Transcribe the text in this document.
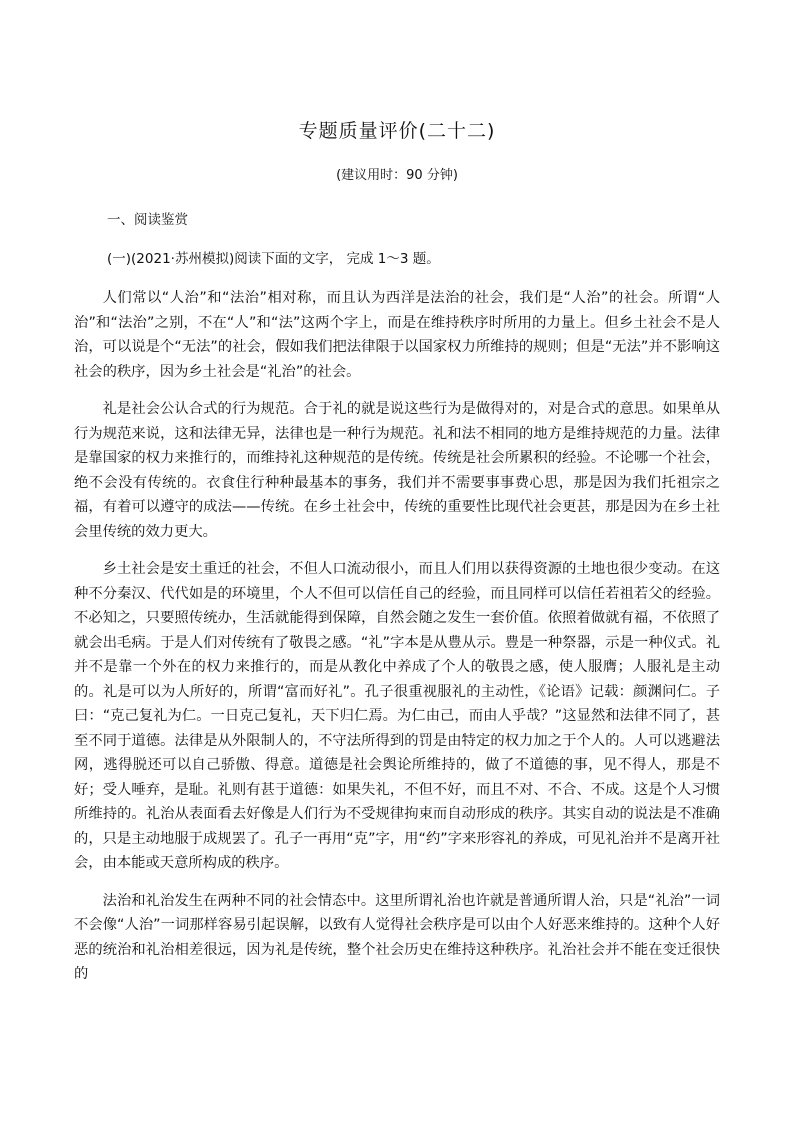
专题质量评价(二十二)
(建议用时：90 分钟)
一、阅读鉴赏
(一)(2021·苏州模拟)阅读下面的文字， 完成 1～3 题。

人们常以“人治”和“法治”相对称，而且认为西洋是法治的社会，我们是“人治”的社会。所谓“人治”和“法治”之别，不在“人”和“法”这两个字上，而是在维持秩序时所用的力量上。但乡土社会不是人治，可以说是个“无法”的社会，假如我们把法律限于以国家权力所维持的规则；但是“无法”并不影响这社会的秩序，因为乡土社会是“礼治”的社会。

礼是社会公认合式的行为规范。合于礼的就是说这些行为是做得对的，对是合式的意思。如果单从行为规范来说，这和法律无异，法律也是一种行为规范。礼和法不相同的地方是维持规范的力量。法律是靠国家的权力来推行的，而维持礼这种规范的是传统。传统是社会所累积的经验。不论哪一个社会，绝不会没有传统的。衣食住行种种最基本的事务，我们并不需要事事费心思，那是因为我们托祖宗之福，有着可以遵守的成法——传统。在乡土社会中，传统的重要性比现代社会更甚，那是因为在乡土社会里传统的效力更大。

乡土社会是安土重迁的社会，不但人口流动很小，而且人们用以获得资源的土地也很少变动。在这种不分秦汉、代代如是的环境里，个人不但可以信任自己的经验，而且同样可以信任若祖若父的经验。不必知之，只要照传统办，生活就能得到保障，自然会随之发生一套价值。依照着做就有福，不依照了就会出毛病。于是人们对传统有了敬畏之感。“礼”字本是从豊从示。豊是一种祭器，示是一种仪式。礼并不是靠一个外在的权力来推行的，而是从教化中养成了个人的敬畏之感，使人服膺；人服礼是主动的。礼是可以为人所好的，所谓“富而好礼”。孔子很重视服礼的主动性，《论语》记载：颜渊问仁。子曰：“克己复礼为仁。一日克己复礼，天下归仁焉。为仁由己，而由人乎哉？”这显然和法律不同了，甚至不同于道德。法律是从外限制人的，不守法所得到的罚是由特定的权力加之于个人的。人可以逃避法网，逃得脱还可以自己骄傲、得意。道德是社会舆论所维持的，做了不道德的事，见不得人，那是不好；受人唾弃，是耻。礼则有甚于道德：如果失礼，不但不好，而且不对、不合、不成。这是个人习惯所维持的。礼治从表面看去好像是人们行为不受规律拘束而自动形成的秩序。其实自动的说法是不准确的，只是主动地服于成规罢了。孔子一再用“克”字，用“约”字来形容礼的养成，可见礼治并不是离开社会，由本能或天意所构成的秩序。

法治和礼治发生在两种不同的社会情态中。这里所谓礼治也许就是普通所谓人治，只是“礼治”一词不会像“人治”一词那样容易引起误解，以致有人觉得社会秩序是可以由个人好恶来维持的。这种个人好恶的统治和礼治相差很远，因为礼是传统，整个社会历史在维持这种秩序。礼治社会并不能在变迁很快的
